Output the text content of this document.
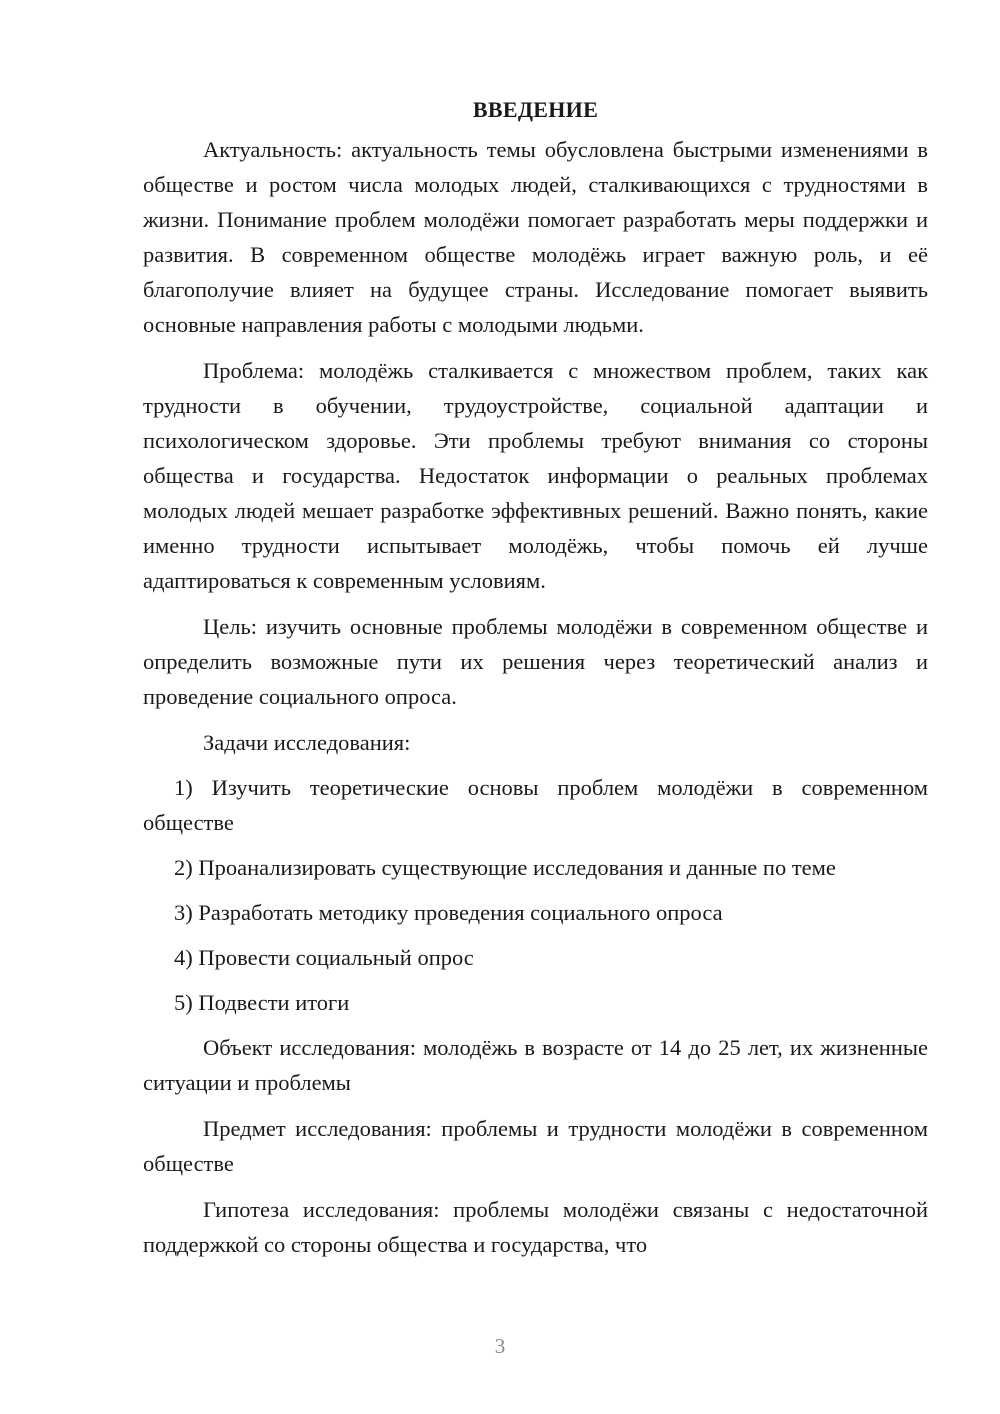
ВВЕДЕНИЕ

Актуальность: актуальность темы обусловлена быстрыми изменениями в обществе и ростом числа молодых людей, сталкивающихся с трудностями в жизни. Понимание проблем молодёжи помогает разработать меры поддержки и развития. В современном обществе молодёжь играет важную роль, и её благополучие влияет на будущее страны. Исследование помогает выявить основные направления работы с молодыми людьми.

Проблема: молодёжь сталкивается с множеством проблем, таких как трудности в обучении, трудоустройстве, социальной адаптации и психологическом здоровье. Эти проблемы требуют внимания со стороны общества и государства. Недостаток информации о реальных проблемах молодых людей мешает разработке эффективных решений. Важно понять, какие именно трудности испытывает молодёжь, чтобы помочь ей лучше адаптироваться к современным условиям.

Цель: изучить основные проблемы молодёжи в современном обществе и определить возможные пути их решения через теоретический анализ и проведение социального опроса.

Задачи исследования:

1) Изучить теоретические основы проблем молодёжи в современном обществе

2) Проанализировать существующие исследования и данные по теме

3) Разработать методику проведения социального опроса

4) Провести социальный опрос

5) Подвести итоги

Объект исследования: молодёжь в возрасте от 14 до 25 лет, их жизненные ситуации и проблемы

Предмет исследования: проблемы и трудности молодёжи в современном обществе

Гипотеза исследования: проблемы молодёжи связаны с недостаточной поддержкой со стороны общества и государства, что

3
